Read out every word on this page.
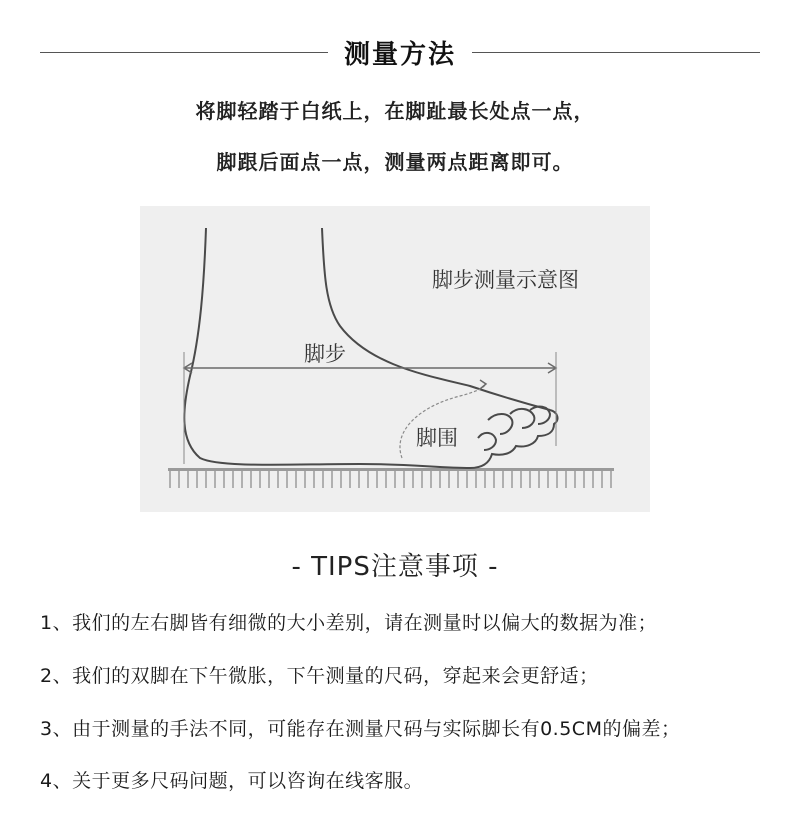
测量方法
将脚轻踏于白纸上，在脚趾最长处点一点，
脚跟后面点一点，测量两点距离即可。
脚步测量示意图
脚步
脚围
- TIPS注意事项 -
1、我们的左右脚皆有细微的大小差别，请在测量时以偏大的数据为准；
2、我们的双脚在下午微胀，下午测量的尺码，穿起来会更舒适；
3、由于测量的手法不同，可能存在测量尺码与实际脚长有0.5CM的偏差；
4、关于更多尺码问题，可以咨询在线客服。
